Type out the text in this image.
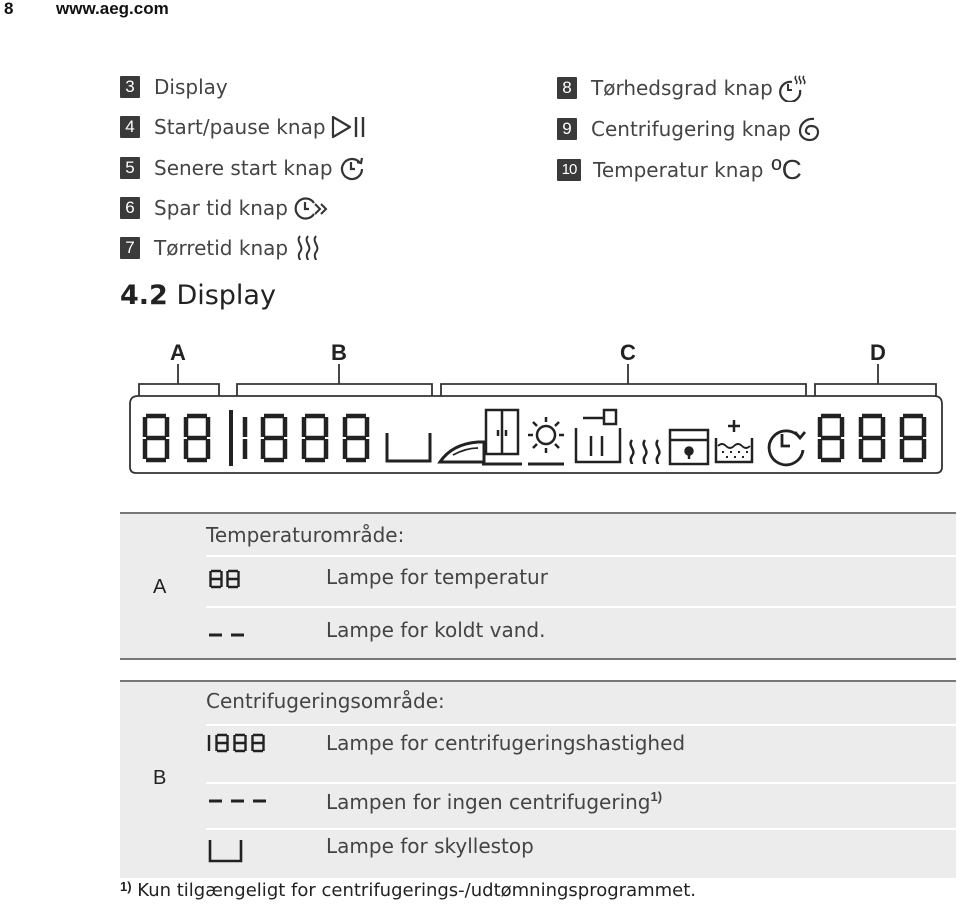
8	www.aeg.com
3 Display
4 Start/pause knap
5 Senere start knap
6 Spar tid knap
7 Tørretid knap
8 Tørhedsgrad knap
9 Centrifugering knap
10 Temperatur knap ºC
4.2 Display
A	B	C	D
A
Temperaturområde:
Lampe for temperatur
Lampe for koldt vand.
B
Centrifugeringsområde:
Lampe for centrifugeringshastighed
Lampen for ingen centrifugering$^{1)}$
Lampe for skyllestop
$^{1)}$ Kun tilgængeligt for centrifugerings-/udtømningsprogrammet.
